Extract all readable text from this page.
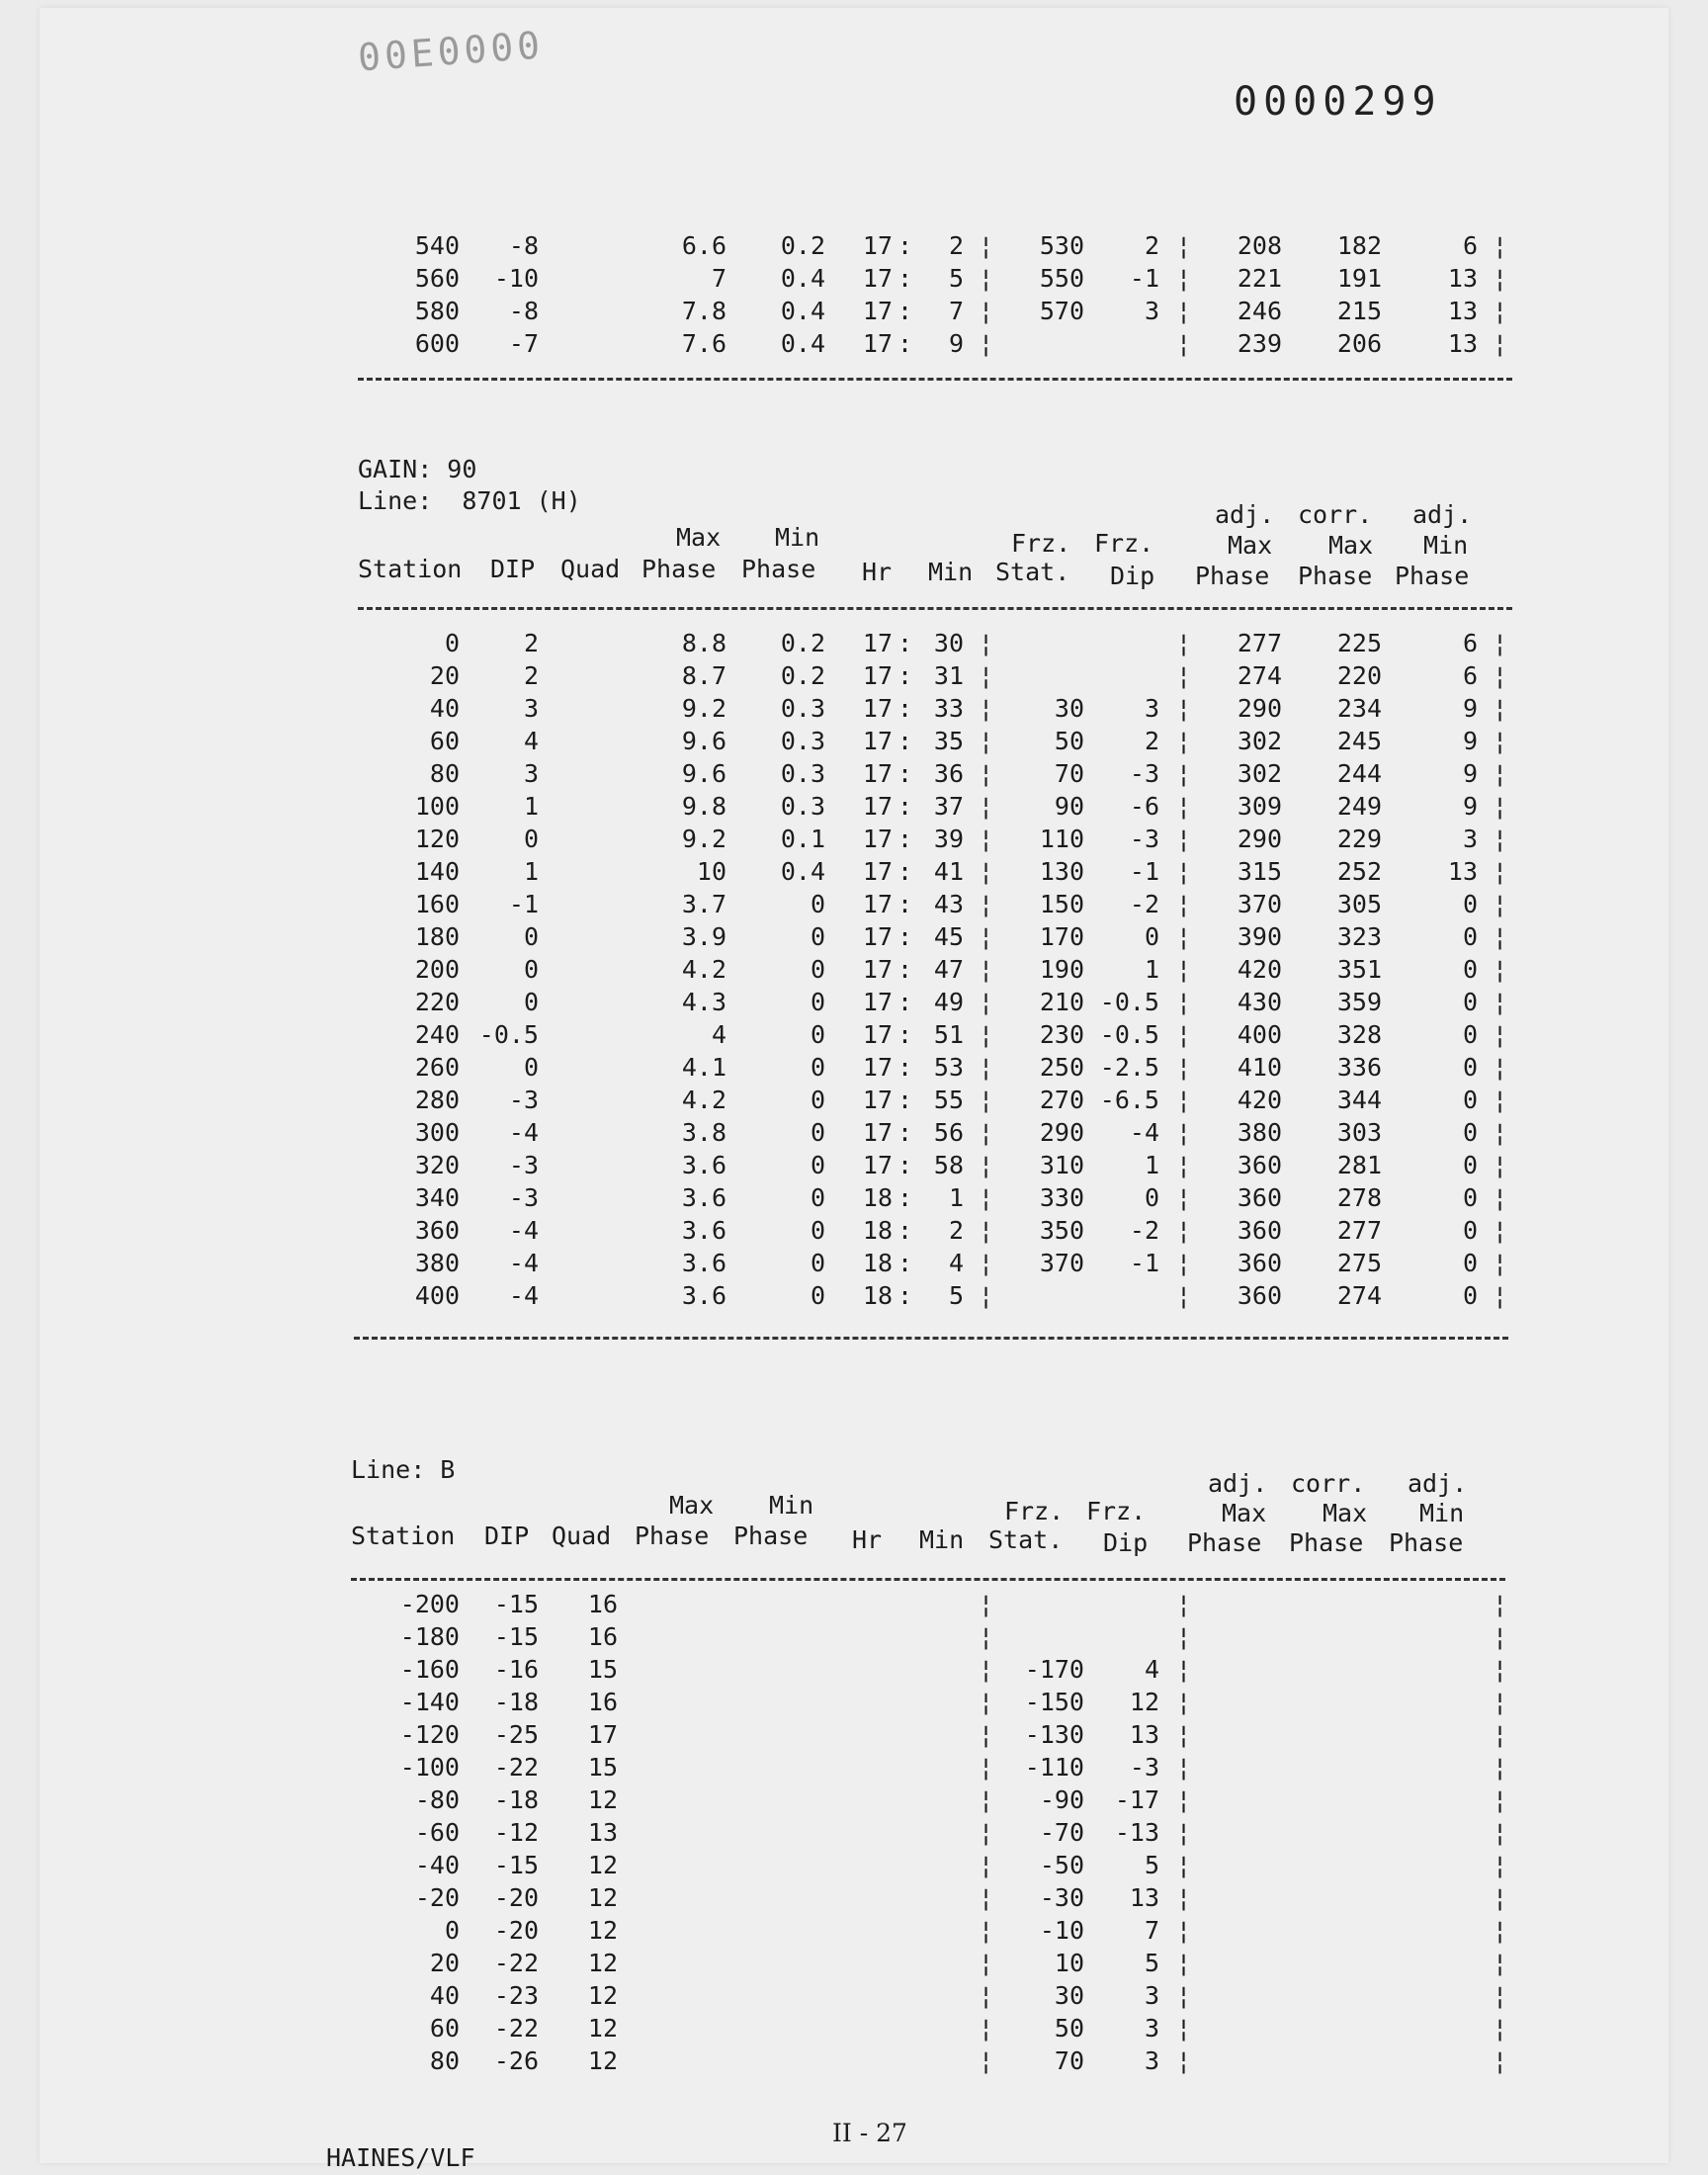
00E0000
0000299
540 -8	6.6 0.2 17 : 2 ¦ 530 2 ¦ 208 182	6 ¦
560 -10	7 0.4 17 : 5 ¦ 550 -1 ¦ 221 191	13 ¦
580 -8	7.8 0.4 17 : 7 ¦ 570 3 ¦ 246 215	13 ¦
600 -7	7.6 0.4 17 : 9 ¦	¦ 239 206	13 ¦
GAIN: 90
Line:  8701 (H)	adj. corr. adj.
Max Min	Frz. Frz.	Max Max Min
Station DIP Quad Phase Phase Hr Min Stat. Dip Phase Phase Phase
0	2	8.8 0.2 17 : 30 ¦	¦ 277 225	6 ¦
20	2	8.7 0.2 17 : 31 ¦	¦ 274 220	6 ¦
40	3	9.2 0.3 17 : 33 ¦ 30 3 ¦ 290 234	9 ¦
60	4	9.6 0.3 17 : 35 ¦ 50 2 ¦ 302 245	9 ¦
80	3	9.6 0.3 17 : 36 ¦ 70 -3 ¦ 302 244	9 ¦
100	1	9.8 0.3 17 : 37 ¦ 90 -6 ¦ 309 249	9 ¦
120	0	9.2 0.1 17 : 39 ¦ 110 -3 ¦ 290 229	3 ¦
140	1	10 0.4 17 : 41 ¦ 130 -1 ¦ 315 252	13 ¦
160 -1	3.7	0 17 : 43 ¦ 150 -2 ¦ 370 305	0 ¦
180	0	3.9	0 17 : 45 ¦ 170 0 ¦ 390 323	0 ¦
200	0	4.2	0 17 : 47 ¦ 190 1 ¦ 420 351	0 ¦
220	0	4.3	0 17 : 49 ¦ 210 -0.5 ¦ 430 359	0 ¦
240 -0.5	4	0 17 : 51 ¦ 230 -0.5 ¦ 400 328	0 ¦
260	0	4.1	0 17 : 53 ¦ 250 -2.5 ¦ 410 336	0 ¦
280 -3	4.2	0 17 : 55 ¦ 270 -6.5 ¦ 420 344	0 ¦
300 -4	3.8	0 17 : 56 ¦ 290 -4 ¦ 380 303	0 ¦
320 -3	3.6	0 17 : 58 ¦ 310 1 ¦ 360 281	0 ¦
340 -3	3.6	0 18 : 1 ¦ 330 0 ¦ 360 278	0 ¦
360 -4	3.6	0 18 : 2 ¦ 350 -2 ¦ 360 277	0 ¦
380 -4	3.6	0 18 : 4 ¦ 370 -1 ¦ 360 275	0 ¦
400 -4	3.6	0 18 : 5 ¦	¦ 360 274	0 ¦
Line: B	adj. corr. adj.
Max Min	Frz. Frz.	Max Max Min
Station DIP Quad Phase Phase Hr Min Stat. Dip Phase Phase Phase
-200 -15 16	¦	¦	¦
-180 -15 16	¦	¦	¦
-160 -16 15	¦ -170 4 ¦	¦
-140 -18 16	¦ -150 12 ¦	¦
-120 -25 17	¦ -130 13 ¦	¦
-100 -22 15	¦ -110 -3 ¦	¦
-80 -18 12	¦ -90 -17 ¦	¦
-60 -12 13	¦ -70 -13 ¦	¦
-40 -15 12	¦ -50 5 ¦	¦
-20 -20 12	¦ -30 13 ¦	¦
0 -20 12	¦ -10 7 ¦	¦
20 -22 12	¦ 10 5 ¦	¦
40 -23 12	¦ 30 3 ¦	¦
60 -22 12	¦ 50 3 ¦	¦
80 -26 12	¦ 70 3 ¦	¦
II - 27
HAINES/VLF
